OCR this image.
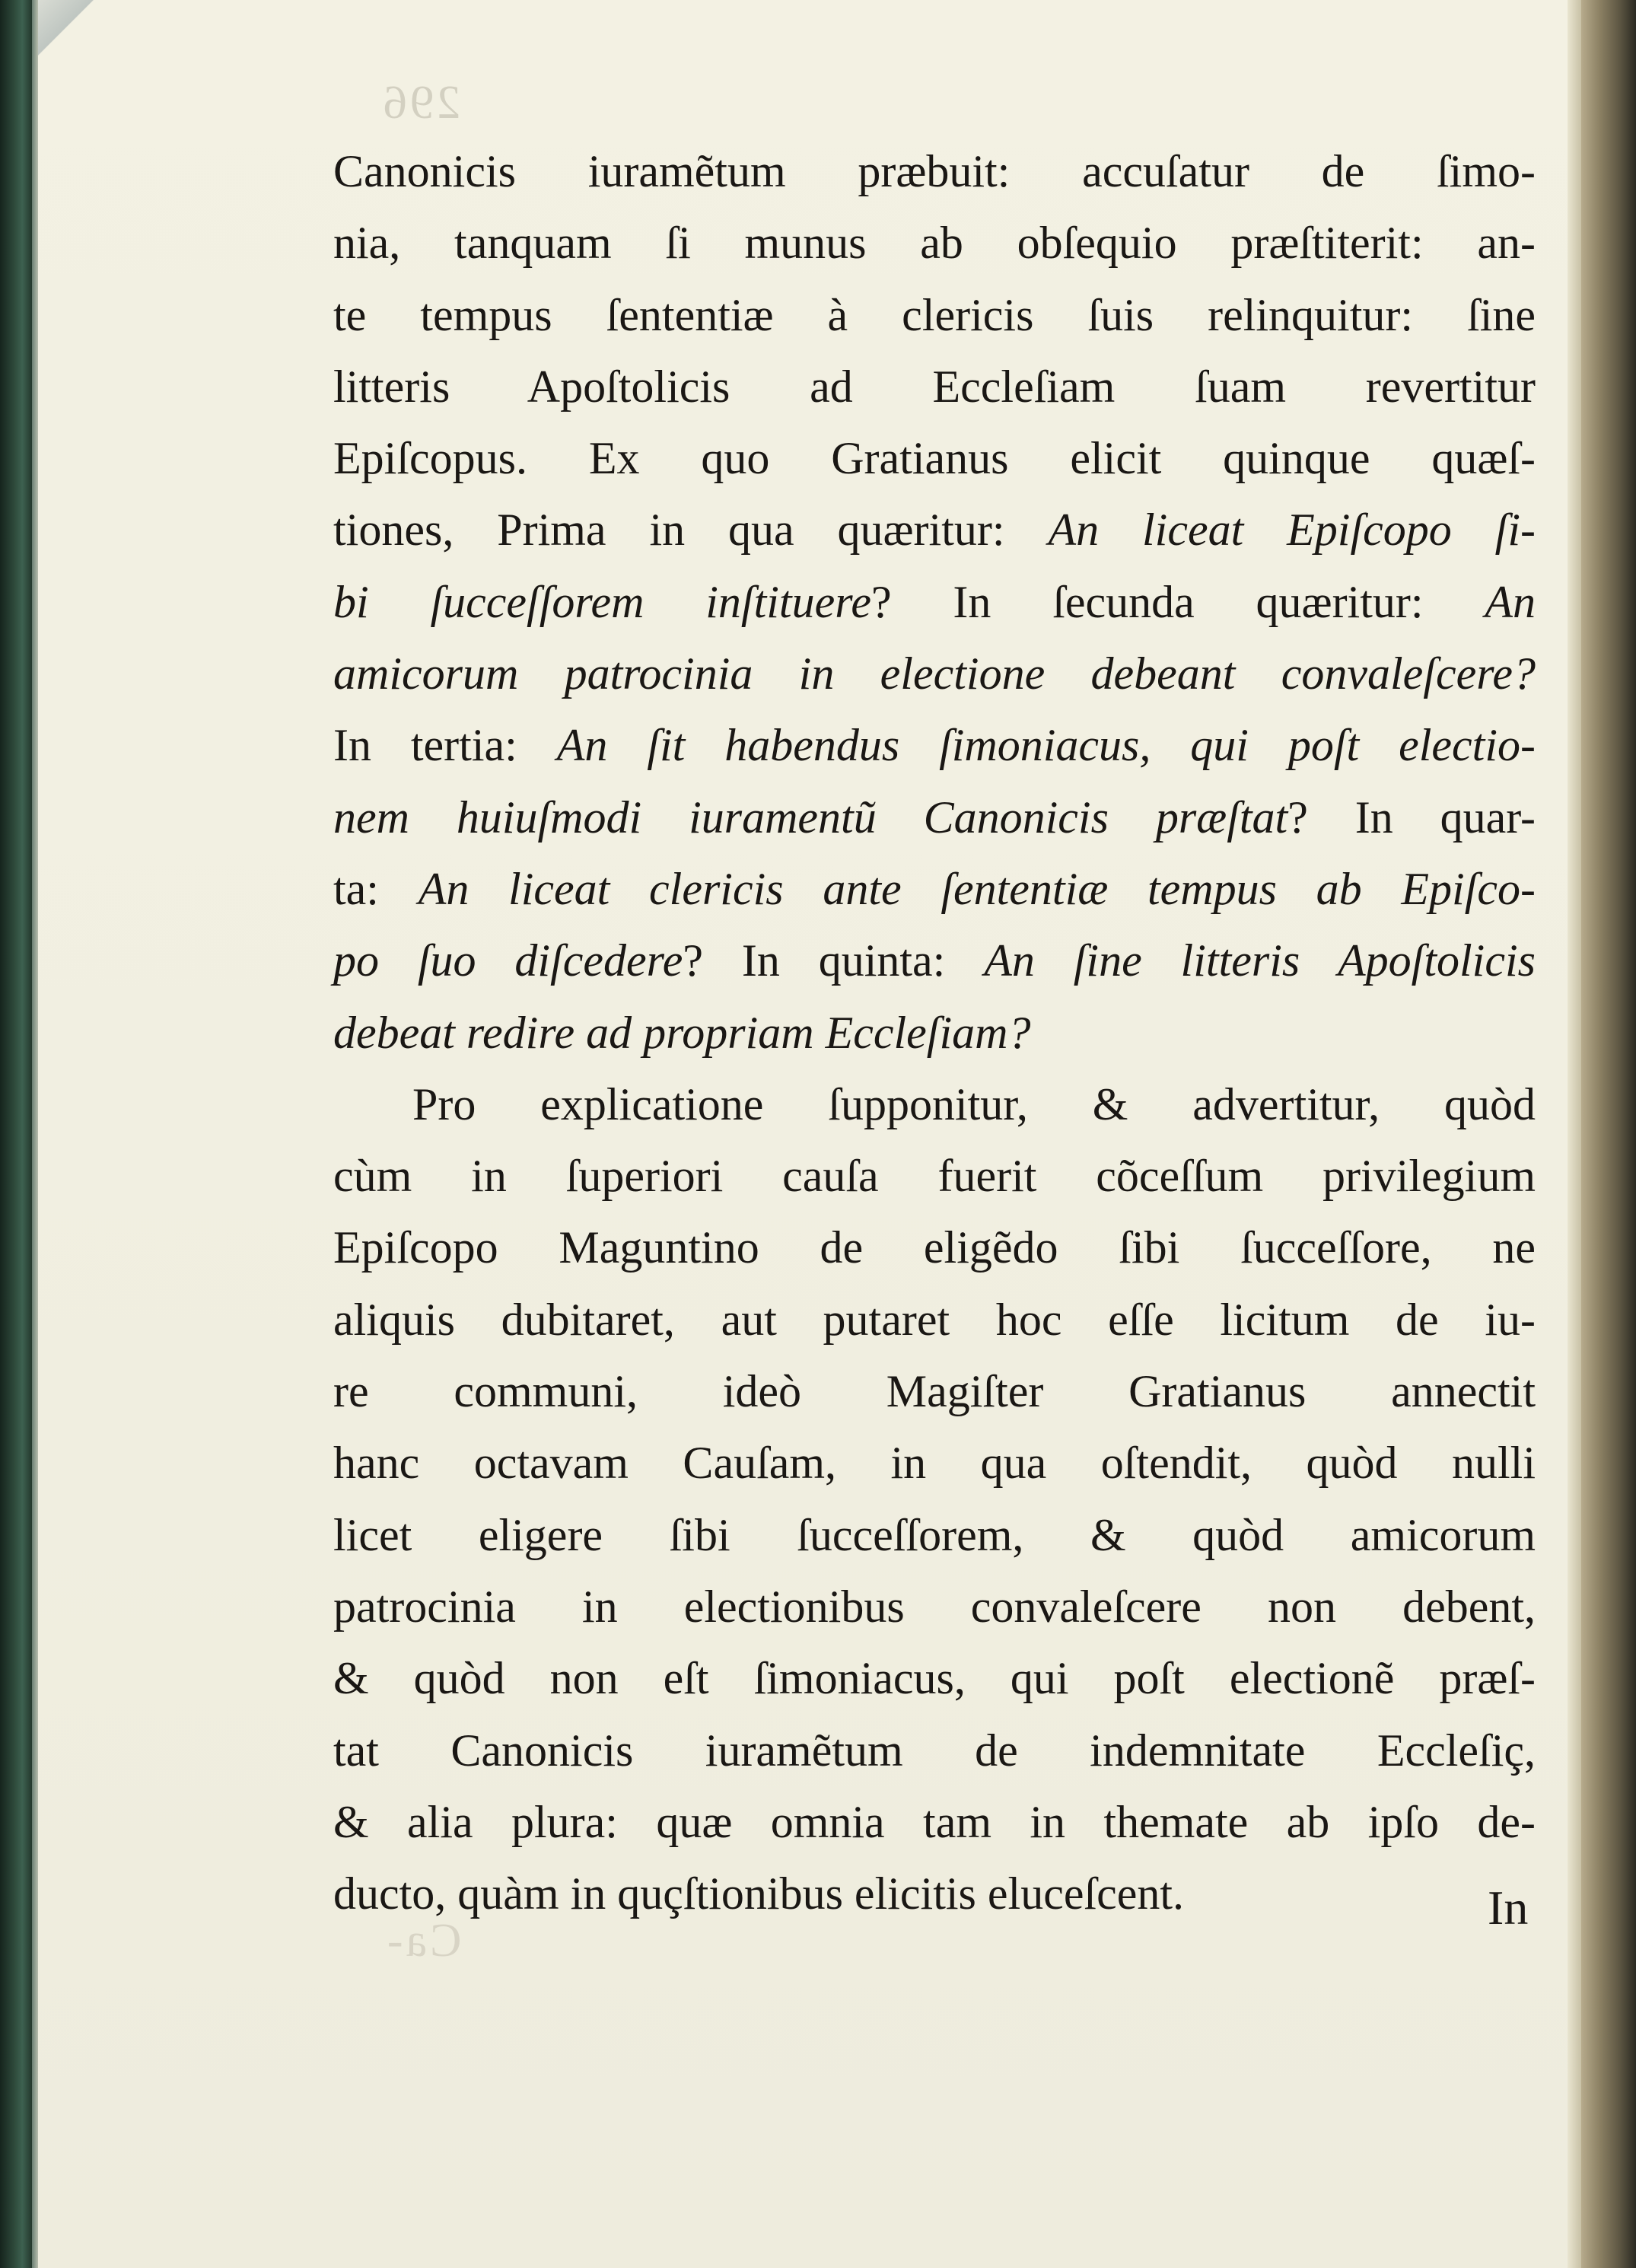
296
Ca-
Canonicis iuramẽtum præbuit: accuſatur de ſimo-
nia, tanquam ſi munus ab obſequio præſtiterit: an-
te tempus ſententiæ à clericis ſuis relinquitur: ſine
litteris Apoſtolicis ad Eccleſiam ſuam revertitur
Epiſcopus. Ex quo Gratianus elicit quinque quæſ-
tiones, Prima in qua quæritur: An liceat Epiſcopo ſi-
bi ſucceſſorem inſtituere? In ſecunda quæritur: An
amicorum patrocinia in electione debeant convaleſcere?
In tertia: An ſit habendus ſimoniacus, qui poſt electio-
nem huiuſmodi iuramentũ Canonicis præſtat? In quar-
ta: An liceat clericis ante ſententiæ tempus ab Epiſco-
po ſuo diſcedere? In quinta: An ſine litteris Apoſtolicis
debeat redire ad propriam Eccleſiam?
Pro explicatione ſupponitur, & advertitur, quòd
cùm in ſuperiori cauſa fuerit cõceſſum privilegium
Epiſcopo Maguntino de eligẽdo ſibi ſucceſſore, ne
aliquis dubitaret, aut putaret hoc eſſe licitum de iu-
re communi, ideò Magiſter Gratianus annectit
hanc octavam Cauſam, in qua oſtendit, quòd nulli
licet eligere ſibi ſucceſſorem, & quòd amicorum
patrocinia in electionibus convaleſcere non debent,
& quòd non eſt ſimoniacus, qui poſt electionẽ præſ-
tat Canonicis iuramẽtum de indemnitate Eccleſiç,
& alia plura: quæ omnia tam in themate ab ipſo de-
ducto, quàm in quçſtionibus elicitis eluceſcent.	In
